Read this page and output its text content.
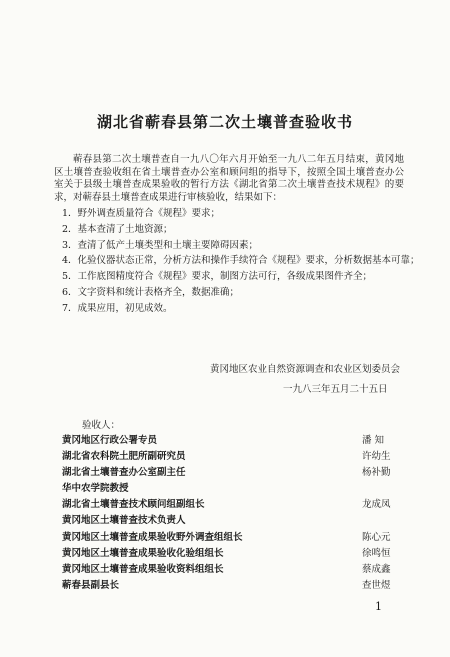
湖北省蕲春县第二次土壤普查验收书

蕲春县第二次土壤普查自一九八〇年六月开始至一九八二年五月结束，黄冈地区土壤普查验收组在省土壤普查办公室和顾问组的指导下，按照全国土壤普查办公室关于县级土壤普查成果验收的暂行方法《湖北省第二次土壤普查技术规程》的要求，对蕲春县土壤普查成果进行审核验收，结果如下：

1．野外调查质量符合《规程》要求；
2．基本查清了土地资源；
3．查清了低产土壤类型和土壤主要障碍因素；
4．化验仪器状态正常，分析方法和操作手续符合《规程》要求，分析数据基本可靠；
5．工作底图精度符合《规程》要求，制图方法可行，各级成果图件齐全；
6．文字资料和统计表格齐全，数据准确；
7．成果应用，初见成效。
黄冈地区农业自然资源调查和农业区划委员会
一九八三年五月二十五日
验收人：
黄冈地区行政公署专员	潘 知
湖北省农科院土肥所副研究员	许幼生
湖北省土壤普查办公室副主任	杨补勤
华中农学院教授
湖北省土壤普查技术顾问组副组长	龙成凤
黄冈地区土壤普查技术负责人
黄冈地区土壤普查成果验收野外调查组组长	陈心元
黄冈地区土壤普查成果验收化验组组长	徐鸣恒
黄冈地区土壤普查成果验收资料组组长	蔡成鑫
蕲春县副县长	查世煜
1
